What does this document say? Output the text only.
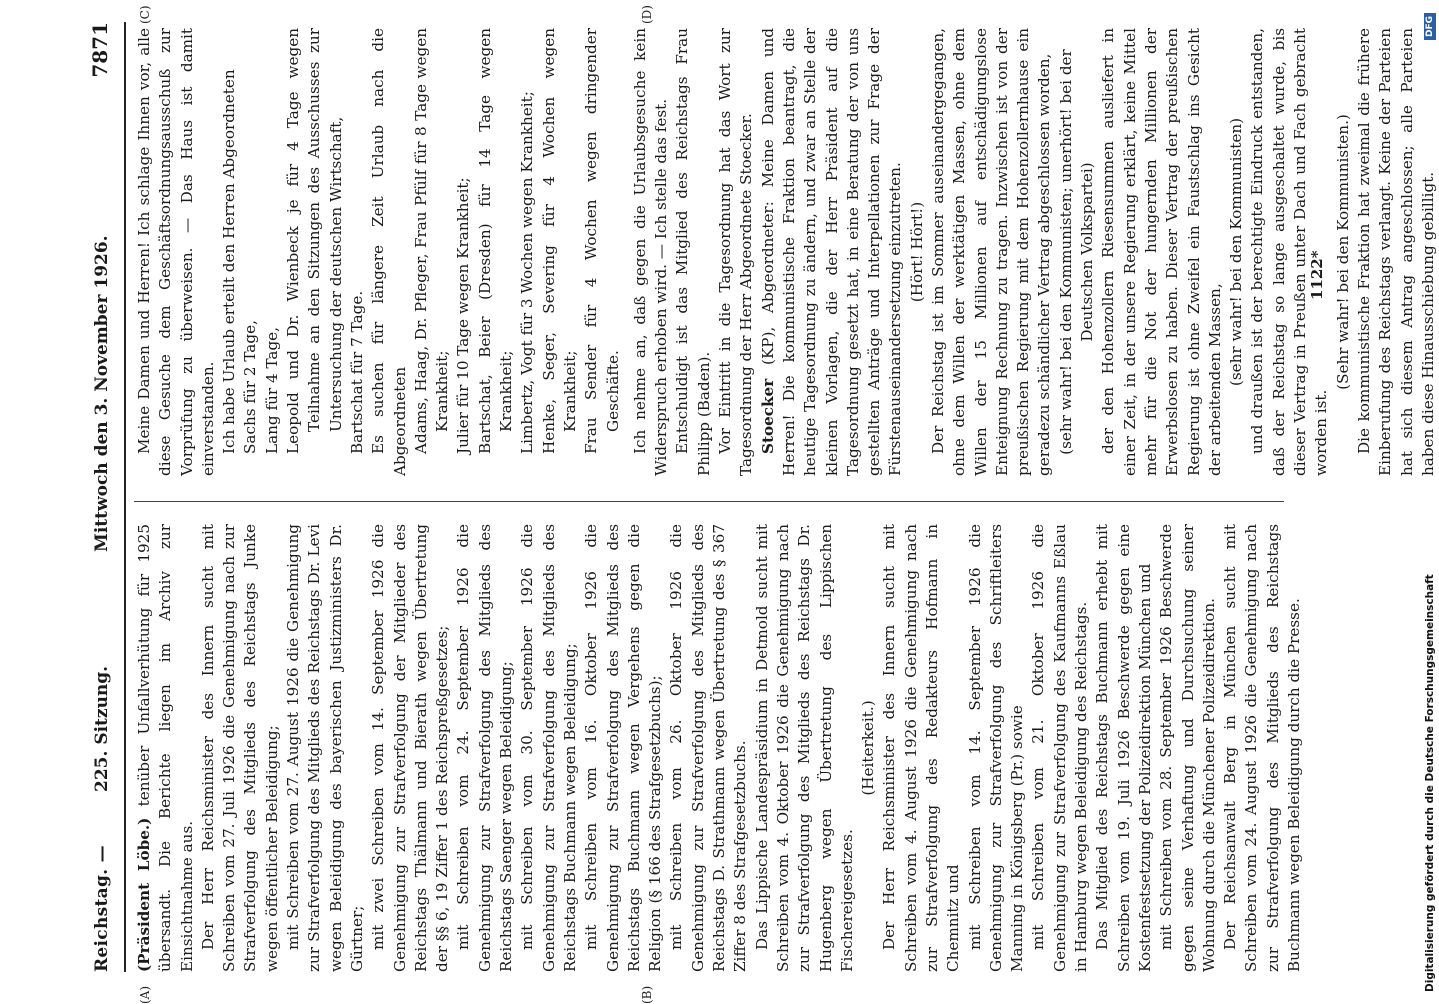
Reichstag. —
225. Sitzung.
Mittwoch den 3. November 1926.
7871
(A)	(B)
(C)	(D)

(Präsident Löbe.) tenüber Unfallverhütung für 1925 übersandt. Die Berichte liegen im Archiv zur Einsichtnahme aus. Der Herr Reichsminister des Innern sucht mit Schreiben vom 27. Juli 1926 die Genehmigung nach zur Strafverfolgung des Mitglieds des Reichstags Junke wegen öffentlicher Beleidigung; mit Schreiben vom 27. August 1926 die Genehmigung zur Strafverfolgung des Mitglieds des Reichstags Dr. Levi wegen Beleidigung des bayerischen Justizministers Dr. Gürtner; mit zwei Schreiben vom 14. September 1926 die Genehmigung zur Strafverfolgung der Mitglieder des Reichstags Thälmann und Bierath wegen Übertretung der §§ 6, 19 Ziffer 1 des Reichspreßgesetzes; mit Schreiben vom 24. September 1926 die Genehmigung zur Strafverfolgung des Mitglieds des Reichstags Saenger wegen Beleidigung; mit Schreiben vom 30. September 1926 die Genehmigung zur Strafverfolgung des Mitglieds des Reichstags Buchmann wegen Beleidigung; mit Schreiben vom 16. Oktober 1926 die Genehmigung zur Strafverfolgung des Mitglieds des Reichstags Buchmann wegen Vergehens gegen die Religion (§ 166 des Strafgesetzbuchs); mit Schreiben vom 26. Oktober 1926 die Genehmigung zur Strafverfolgung des Mitglieds des Reichstags D. Strathmann wegen Übertretung des § 367 Ziffer 8 des Strafgesetzbuchs. Das Lippische Landespräsidium in Detmold sucht mit Schreiben vom 4. Oktober 1926 die Genehmigung nach zur Strafverfolgung des Mitglieds des Reichstags Dr. Hugenberg wegen Übertretung des Lippischen Fischereigesetzes.

(Heiterkeit.) Der Herr Reichsminister des Innern sucht mit Schreiben vom 4. August 1926 die Genehmigung nach zur Strafverfolgung des Redakteurs Hofmann in Chemnitz und mit Schreiben vom 14. September 1926 die Genehmigung zur Strafverfolgung des Schriftleiters Manning in Königsberg (Pr.) sowie mit Schreiben vom 21. Oktober 1926 die Genehmigung zur Strafverfolgung des Kaufmanns Eßlau in Hamburg wegen Beleidigung des Reichstags. Das Mitglied des Reichstags Buchmann erhebt mit Schreiben vom 19. Juli 1926 Beschwerde gegen eine Kostenfestsetzung der Polizeidirektion München und mit Schreiben vom 28. September 1926 Beschwerde gegen seine Verhaftung und Durchsuchung seiner Wohnung durch die Münchener Polizeidirektion. Der Reichsanwalt Berg in München sucht mit Schreiben vom 24. August 1926 die Genehmigung nach zur Strafverfolgung des Mitglieds des Reichstags Buchmann wegen Beleidigung durch die Presse.

Meine Damen und Herren! Ich schlage Ihnen vor, alle diese Gesuche dem Geschäftsordnungsausschuß zur Vorprüfung zu überweisen. — Das Haus ist damit einverstanden. Ich habe Urlaub erteilt den Herren Abgeordneten Sachs für 2 Tage, Lang für 4 Tage, Leopold und Dr. Wienbeck je für 4 Tage wegen Teilnahme an den Sitzungen des Ausschusses zur Untersuchung der deutschen Wirtschaft, Bartschat für 7 Tage. Es suchen für längere Zeit Urlaub nach die Abgeordneten Adams, Haag, Dr. Pfleger, Frau Pfülf für 8 Tage wegen Krankheit; Julier für 10 Tage wegen Krankheit; Bartschat, Beier (Dresden) für 14 Tage wegen Krankheit; Limbertz, Vogt für 3 Wochen wegen Krankheit; Henke, Seger, Severing für 4 Wochen wegen Krankheit; Frau Sender für 4 Wochen wegen dringender Geschäfte. Ich nehme an, daß gegen die Urlaubsgesuche kein Widerspruch erhoben wird. — Ich stelle das fest. Entschuldigt ist das Mitglied des Reichstags Frau Philipp (Baden). Vor Eintritt in die Tagesordnung hat das Wort zur Tagesordnung der Herr Abgeordnete Stoecker. Stoecker (KP), Abgeordneter: Meine Damen und Herren! Die kommunistische Fraktion beantragt, die heutige Tagesordnung zu ändern, und zwar an Stelle der kleinen Vorlagen, die der Herr Präsident auf die Tagesordnung gesetzt hat, in eine Beratung der von uns gestellten Anträge und Interpellationen zur Frage der Fürstenauseinandersetzung einzutreten. (Hört! Hört!) Der Reichstag ist im Sommer auseinandergegangen, ohne dem Willen der werktätigen Massen, ohne dem Willen der 15 Millionen auf entschädigungslose Enteignung Rechnung zu tragen. Inzwischen ist von der preußischen Regierung mit dem Hohenzollernhause ein geradezu schändlicher Vertrag abgeschlossen worden, (sehr wahr! bei den Kommunisten; unerhört! bei der Deutschen Volkspartei) der den Hohenzollern Riesensummen ausliefert in einer Zeit, in der unsere Regierung erklärt, keine Mittel mehr für die Not der hungernden Millionen der Erwerbslosen zu haben. Dieser Vertrag der preußischen Regierung ist ohne Zweifel ein Faustschlag ins Gesicht der arbeitenden Massen, (sehr wahr! bei den Kommunisten) und draußen ist der berechtigte Eindruck entstanden, daß der Reichstag so lange ausgeschaltet wurde, bis dieser Vertrag in Preußen unter Dach und Fach gebracht worden ist.

(Sehr wahr! bei den Kommunisten.) Die kommunistische Fraktion hat zweimal die frühere Einberufung des Reichstags verlangt. Keine der Parteien hat sich diesem Antrag angeschlossen; alle Parteien haben diese Hinausschiebung gebilligt.

1122*
Digitalisierung gefördert durch die Deutsche Forschungsgemeinschaft
DFG
